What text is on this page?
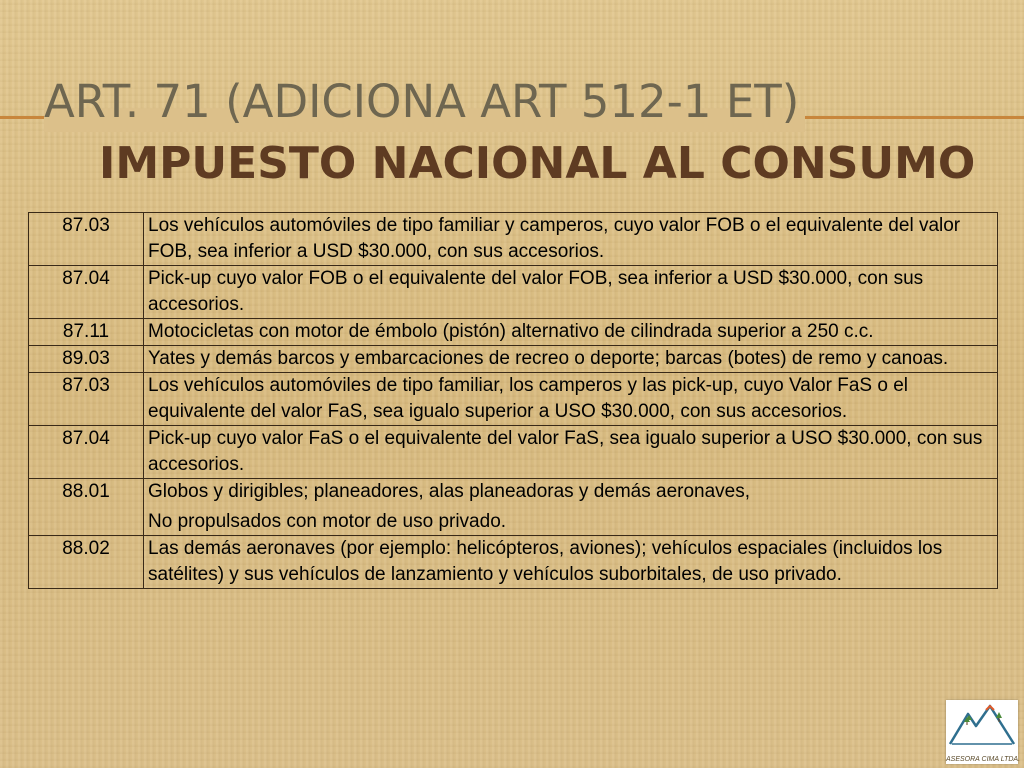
ART. 71 (ADICIONA ART 512-1 ET)
IMPUESTO NACIONAL AL CONSUMO
87.03	Los vehículos automóviles de tipo familiar y camperos, cuyo valor FOB o el equivalente del valor FOB, sea inferior a USD $30.000, con sus accesorios.
87.04	Pick-up cuyo valor FOB o el equivalente del valor FOB, sea inferior a USD $30.000, con sus accesorios.
87.11	Motocicletas con motor de émbolo (pistón) alternativo de cilindrada superior a 250 c.c.
89.03	Yates y demás barcos y embarcaciones de recreo o deporte; barcas (botes) de remo y canoas.
87.03	Los vehículos automóviles de tipo familiar, los camperos y las pick-up, cuyo Valor FaS o el equivalente del valor FaS, sea igualo superior a USO $30.000, con sus accesorios.
87.04	Pick-up cuyo valor FaS o el equivalente del valor FaS, sea igualo superior a USO $30.000, con sus accesorios.
88.01	Globos y dirigibles; planeadores, alas planeadoras y demás aeronaves,
No propulsados con motor de uso privado.

88.02	Las demás aeronaves (por ejemplo: helicópteros, aviones); vehículos espaciales (incluidos los satélites) y sus vehículos de lanzamiento y vehículos suborbitales, de uso privado.
ASESORA CIMA LTDA.
